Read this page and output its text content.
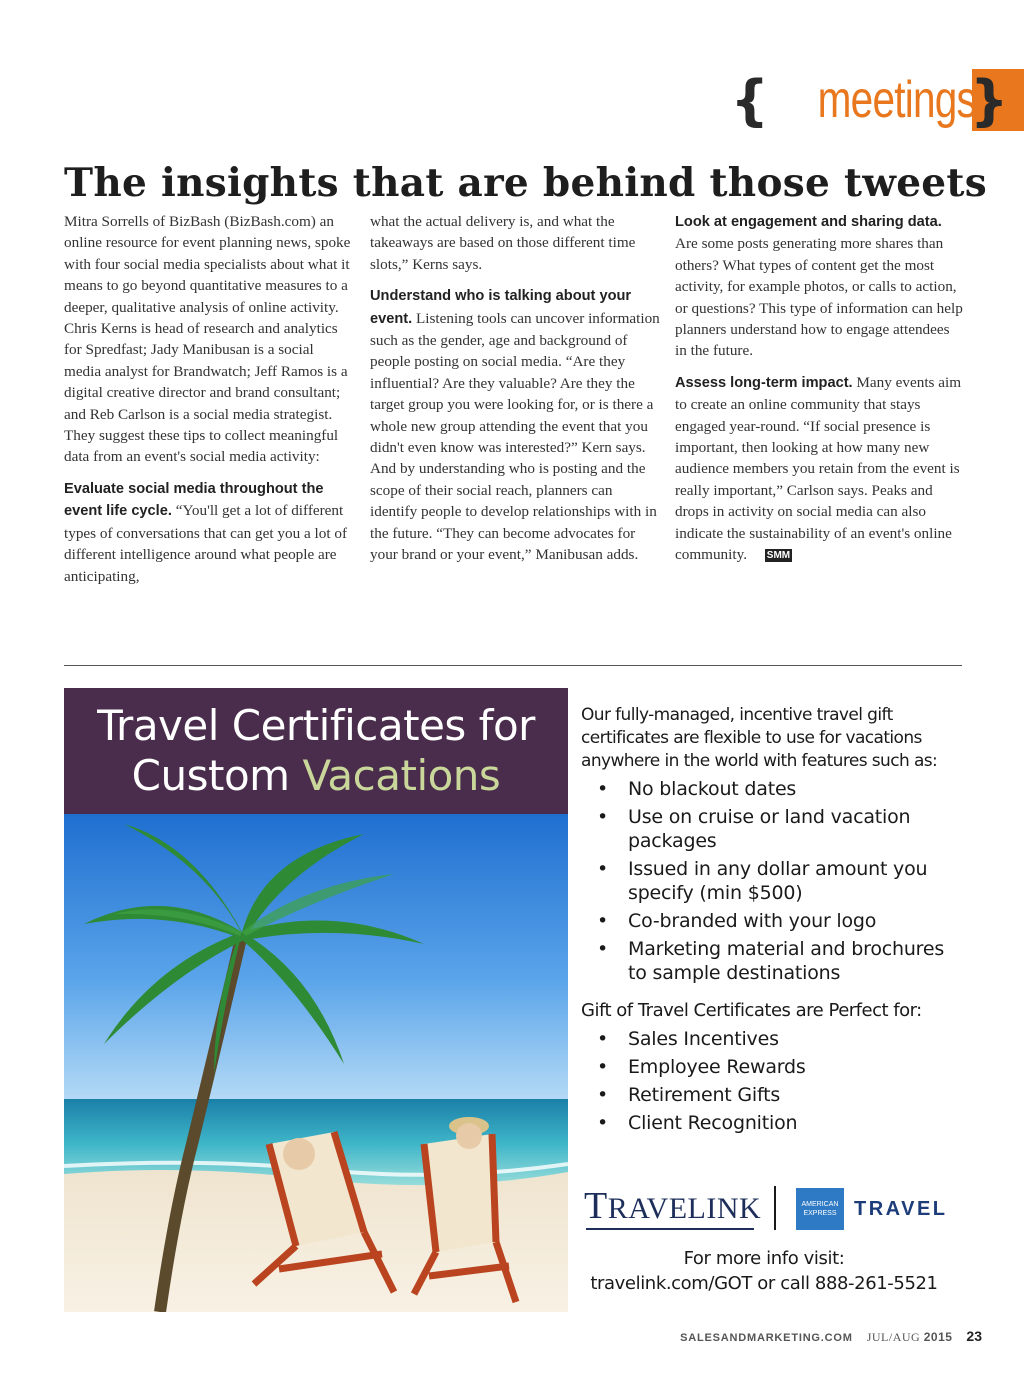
{ meetings
}
The insights that are behind those tweets

Mitra Sorrells of BizBash (BizBash.com) an online resource for event planning news, spoke with four social media specialists about what it means to go beyond quantitative measures to a deeper, qualitative analysis of online activity. Chris Kerns is head of research and analytics for Spredfast; Jady Manibusan is a social media analyst for Brandwatch; Jeff Ramos is a digital creative director and brand consultant; and Reb Carlson is a social media strategist. They suggest these tips to collect meaningful data from an event's social media activity:

Evaluate social media throughout the event life cycle. “You'll get a lot of different types of conversations that can get you a lot of different intelligence around what people are anticipating,

what the actual delivery is, and what the takeaways are based on those different time slots,” Kerns says.

Understand who is talking about your event. Listening tools can uncover information such as the gender, age and background of people posting on social media. “Are they influential? Are they valuable? Are they the target group you were looking for, or is there a whole new group attending the event that you didn't even know was interested?” Kern says. And by understanding who is posting and the scope of their social reach, planners can identify people to develop relationships with in the future. “They can become advocates for your brand or your event,” Manibusan adds.

Look at engagement and sharing data. Are some posts generating more shares than others? What types of content get the most activity, for example photos, or calls to action, or questions? This type of information can help planners understand how to engage attendees in the future.

Assess long-term impact. Many events aim to create an online community that stays engaged year-round. “If social presence is important, then looking at how many new audience members you retain from the event is really important,” Carlson says. Peaks and drops in activity on social media can also indicate the sustainability of an event's online community. SMM

Travel Certificates for
Custom Vacations

Our fully-managed, incentive travel gift certificates are flexible to use for vacations anywhere in the world with features such as:

• No blackout dates
• Use on cruise or land vacation packages
• Issued in any dollar amount you specify (min $500)
• Co-branded with your logo
• Marketing material and brochures to sample destinations

Gift of Travel Certificates are Perfect for:

• Sales Incentives
• Employee Rewards
• Retirement Gifts
• Client Recognition
TRAVELINK	AMERICAN
EXPRESS TRAVEL
For more info visit:
travelink.com/GOT or call 888-261-5521
SALESANDMARKETING.COM JUL/AUG 2015 23
